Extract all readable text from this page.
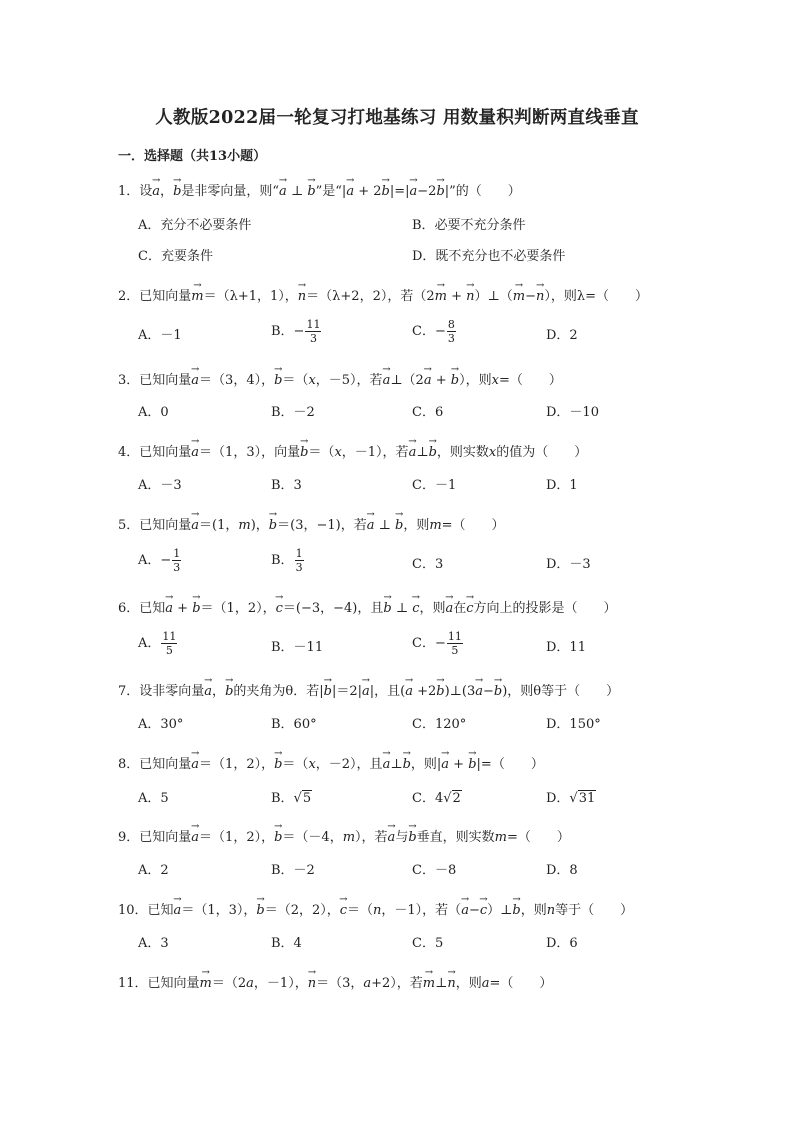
人教版2022届一轮复习打地基练习 用数量积判断两直线垂直
一．选择题（共13小题）
1．设→ a，→ b是非零向量，则“→ a ⊥ → b”是“|→ a + 2→ b|=|→ a−2→ b|”的（　　）
A．充分不必要条件	B．必要不充分条件
C．充要条件	D．既不充分也不必要条件
2．已知向量→ m＝（λ+1，1），→ n＝（λ+2，2），若（2→ m + → n）⊥（→ m−→ n），则λ=（　　）
A．－1	B．− $\frac{11}{3}$	C．− $\frac{8}{3}$	D．2
3．已知向量→ a＝（3，4），→ b＝（x，－5），若→ a⊥（2→ a + → b），则x=（　　）
A．0	B．－2	C．6	D．－10
4．已知向量→ a＝（1，3），向量→ b＝（x，－1），若→ a⊥→ b，则实数x的值为（　　）
A．－3	B．3	C．－1	D．1
5．已知向量→ a＝(1，m)，→ b＝(3，−1)，若→ a ⊥ → b，则m=（　　）
A．− $\frac{1}{3}$	B． $\frac{1}{3}$	C．3	D．－3
6．已知→ a + → b＝（1，2），→ c＝(−3，−4)，且→ b ⊥ → c，则→ a在→ c方向上的投影是（　　）
A． $\frac{11}{5}$	B．－11	C．− $\frac{11}{5}$	D．11
7．设非零向量→ a，→ b的夹角为θ．若|→ b|＝2|→ a|，且(→ a +2→ b)⊥(3→ a−→ b)，则θ等于（　　）
A．30°	B．60°	C．120°	D．150°
8．已知向量→ a＝（1，2），→ b＝（x，－2），且→ a⊥→ b，则|→ a + → b|=（　　）
A．5	B．√5	C．4√2	D．√31
9．已知向量→ a＝（1，2），→ b＝（－4，m），若→ a与→ b垂直，则实数m=（　　）
A．2	B．－2	C．－8	D．8
10．已知→ a＝（1，3），→ b＝（2，2），→ c＝（n，－1），若（→ a−→ c）⊥→ b，则n等于（　　）
A．3	B．4	C．5	D．6
11．已知向量→ m＝（2a，－1），→ n＝（3，a+2），若→ m⊥→ n，则a=（　　）
